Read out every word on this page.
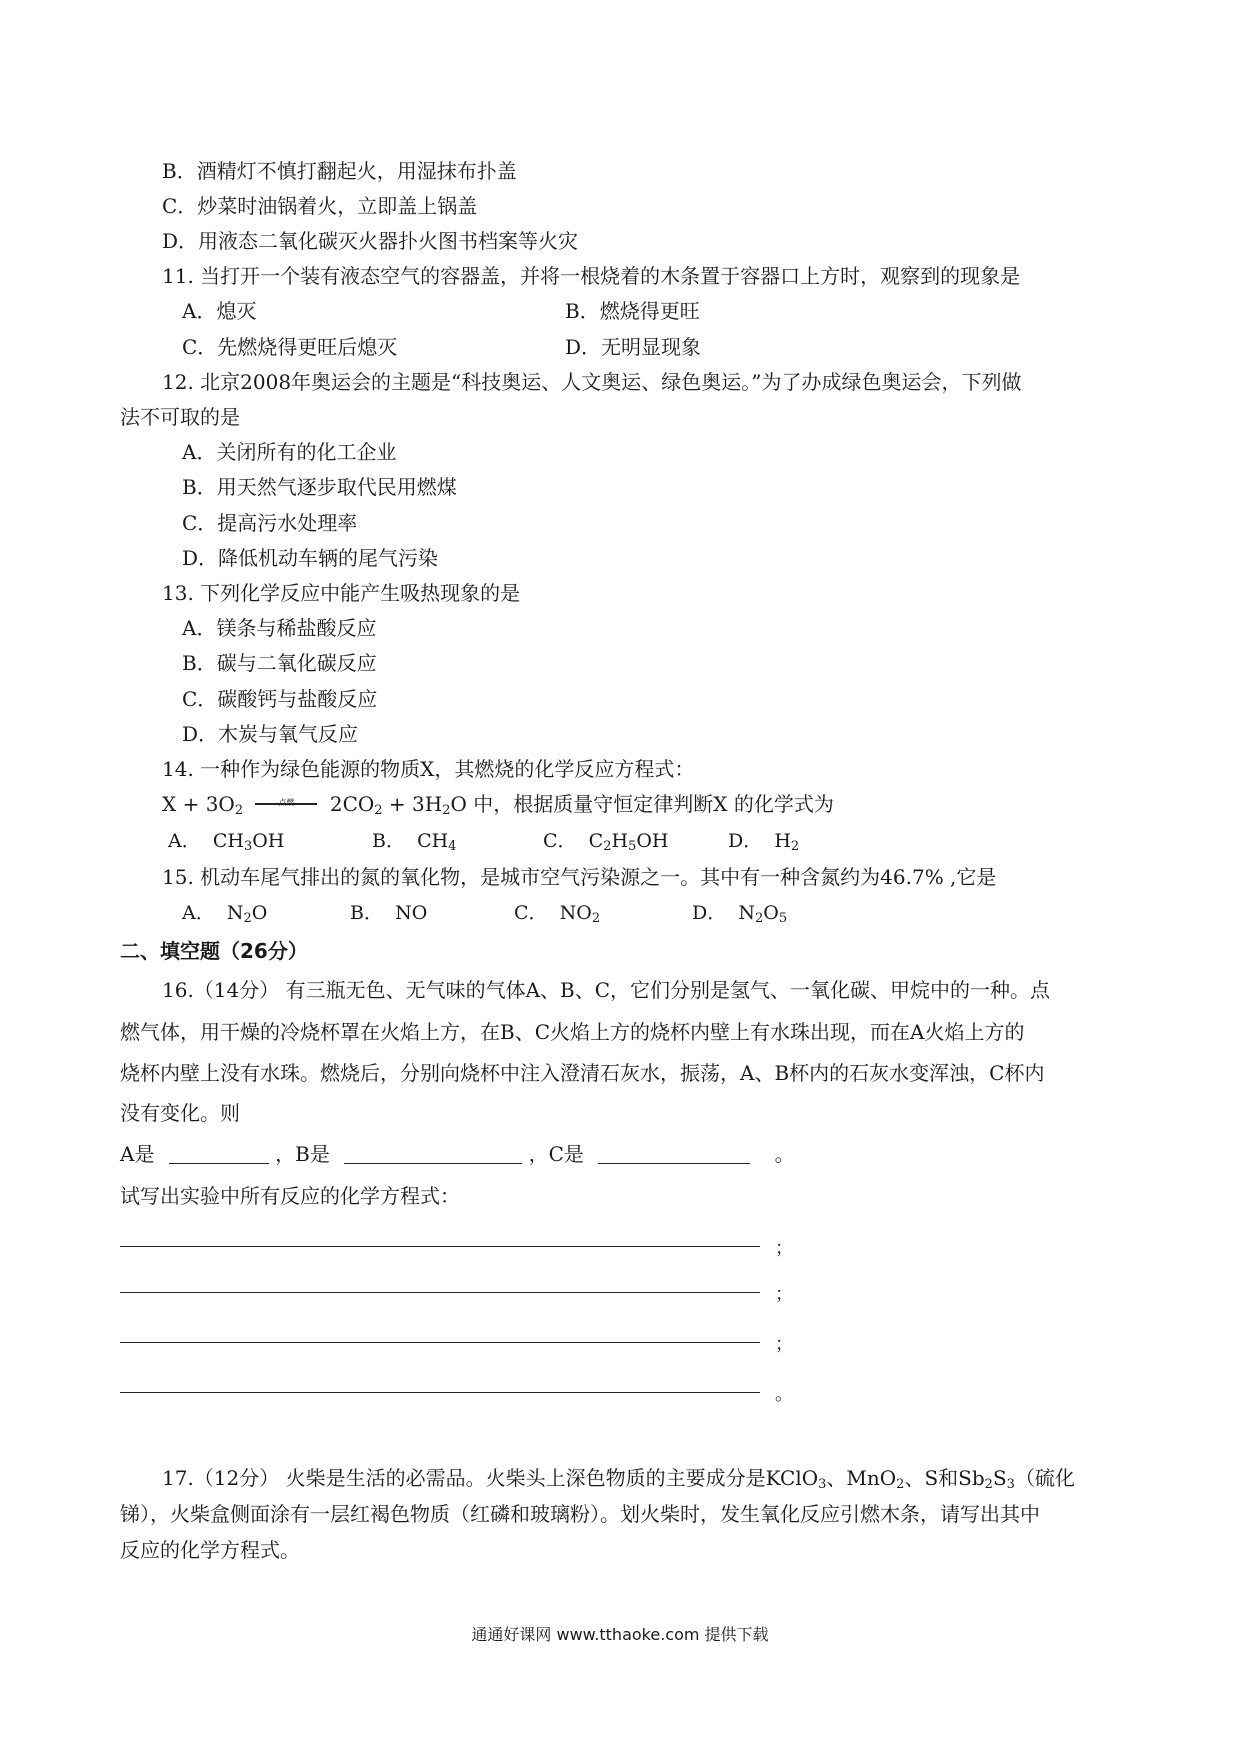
B．酒精灯不慎打翻起火，用湿抹布扑盖
C．炒菜时油锅着火，立即盖上锅盖
D．用液态二氧化碳灭火器扑火图书档案等火灾
11. 当打开一个装有液态空气的容器盖，并将一根烧着的木条置于容器口上方时，观察到的现象是
A．熄灭	B．燃烧得更旺
C．先燃烧得更旺后熄灭	D．无明显现象
12. 北京2008年奥运会的主题是“科技奥运、人文奥运、绿色奥运。”为了办成绿色奥运会，下列做
法不可取的是
A．关闭所有的化工企业
B．用天然气逐步取代民用燃煤
C．提高污水处理率
D．降低机动车辆的尾气污染
13. 下列化学反应中能产生吸热现象的是
A．镁条与稀盐酸反应
B．碳与二氧化碳反应
C．碳酸钙与盐酸反应
D．木炭与氧气反应
14. 一种作为绿色能源的物质X，其燃烧的化学反应方程式：
$X + 3O_2$
点燃	$2CO_2 + 3H_2O$ 中，根据质量守恒定律判断X 的化学式为
A． $CH_3OH$	B． $CH_4$	C． $C_2H_5OH$	D． $H_2$
15. 机动车尾气排出的氮的氧化物，是城市空气污染源之一。其中有一种含氮约为46.7% ,它是
A． $N_2O$	B． NO	C． $NO_2$	D． $N_2O_5$
二、填空题（26分）
16.（14分） 有三瓶无色、无气味的气体A、B、C，它们分别是氢气、一氧化碳、甲烷中的一种。点
燃气体，用干燥的冷烧杯罩在火焰上方，在B、C火焰上方的烧杯内壁上有水珠出现，而在A火焰上方的
烧杯内壁上没有水珠。燃烧后，分别向烧杯中注入澄清石灰水，振荡，A、B杯内的石灰水变浑浊，C杯内
没有变化。则
A是	，B是	，C是	。
试写出实验中所有反应的化学方程式：
；
；
；
。
17.（12分） 火柴是生活的必需品。火柴头上深色物质的主要成分是KClO$_3$、MnO$_2$、S和$Sb_2S_3$（硫化
锑），火柴盒侧面涂有一层红褐色物质（红磷和玻璃粉）。划火柴时，发生氧化反应引燃木条，请写出其中
反应的化学方程式。
通通好课网 www.tthaoke.com 提供下载
